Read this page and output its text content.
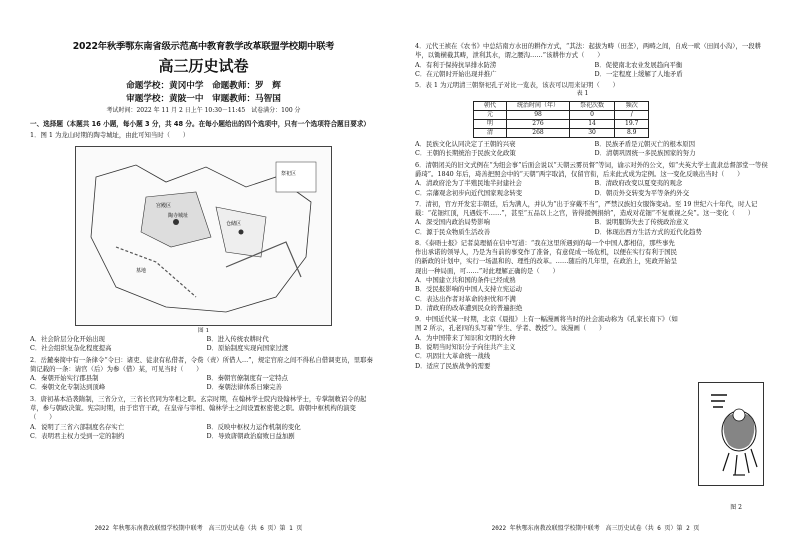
2022年秋季鄂东南省级示范高中教育教学改革联盟学校期中联考
高三历史试卷
命题学校：黄冈中学　命题教师：罗　辉
审题学校：黄陂一中　审题教师：马智国
考试时间：2022 年 11 月 2 日上午 10:30－11:45　试卷满分：100 分
一、选择题（本题共 16 小题，每小题 3 分，共 48 分。在每小题给出的四个选项中，只有一个选项符合题目要求）
1．图 1 为龙山时期的陶寺城址，由此可知当时（　　）
陶寺城址
宫殿区
仓储区
墓地
祭祀区
图 1
A．社会阶层分化开始出现	B．进入传统农耕时代
C．社会组织复杂化程度提高	D．原始制度实现向国家过渡
2．岳麓秦简中有一条律令“令曰：诸吏、徒隶有私借者，令赀（责）所借人…”，规定官府之间不得私自借调吏员，里耶秦简记载的一条：请官（后）为参（借）某，可见当时（　　）
A．秦朝开始实行郡县制	B．秦朝官僚制度有一定特点
C．秦朝文化专制达到顶峰	D．秦朝法律体系日臻完善
3．唐初基本沿袭隋制，三省分立，三省长官同为宰相之职。玄宗时期，在翰林学士院内设翰林学士，专掌制敕诏令的起草，参与朝政决策。宪宗时期，由于宦官干政，在皇帝与宰相、翰林学士之间设置枢密使之职。唐朝中枢机构的演变（　　）
A．说明了三省六部制度名存实亡	B．反映中枢权力运作机制的变化
C．表明君主权力受到一定的制约	D．导致唐朝政治腐败日益加剧
2022 年秋鄂东南教改联盟学校期中联考　高三历史试卷（共 6 页）第 1 页
4．元代王祯在《农书》中总结南方水田的耕作方式，“其法：起拔为畴（田垄），两畴之间，自成一畎（田间小沟），一段耕毕，以锄横截其畴，泄利其水，谓之腰沟……”该耕作方式（　　）
A．有利于保持抗旱排水防涝	B．促使南北农业发展趋向平衡
C．在元朝时开始出现并推广	D．一定程度上缓解了人地矛盾
5．表 1 为元明清三朝祭祀孔子对比一览表，该表可以用来证明（　　）
表 1
朝代	统治时间（年）	祭祀次数	频次
元	98	0	/
明	276	14	19.7
清	268	30	8.9
A．民族文化认同决定了王朝的兴衰	B．民族矛盾是元朝灭亡的根本原因
C．王朝的长期统治于民族文化政策	D．清朝巩固统一多民族国家的努力
6．清朝闭关的旧文式例在“为纽会事”后面会说以“天朝云雾员督”等词，谕示对外的公文，如“夫英大学士直隶总督部堂一等侯爵琦”。1840 年后，琦善把照会中的“天朝”两字取消，仅留官衔，后来此式成为定例。这一变化反映出当时（　　）
A．清政府沦为了半殖民地半封建社会	B．清政府改变以夏变夷的观念
C．宗藩观念初步向近代国家观念转变	D．朝贡外交转变为平等条约外交
7．清初，官方开发宏丰朝廷，后为满人，并认为“出于穿戴不当”，严禁汉族妇女服饰变动。至 19 世纪六十年代，时人记载：“花钿红顶，凡遇妓不……”，甚至“五品以上之官，皆得援例捐纳”，造成对花钿“不复重视之矣”。这一变化（　　）
A．深受国内政治局势影响	B．说明服饰失去了传统政治意义
C．源于民众物质生活改善	D．体现出西方生活方式的近代化趋势
8．《泰晤士报》记者莫理循在信中写道：“我在这里所遇到的每一个中国人都相信，那些事先作出承诺的领导人，乃是为当前的事变作了准备，有意促成一场危机，以便在实行有利于国民的新政的计划中，实行一场温和的、理性的改革。……随后的几年里，在政治上，宪政开始呈现出一种局面，可……”对此理解正确的是（　　）
A．中国建立共和国的条件已经成熟
B．受民报影响的中国人支持立宪运动
C．表达出作者对革命的担忧和不满
D．清政府的改革遭到民众的普遍拒绝
9．中国近代某一时期，北京《晨报》上有一幅漫画将当时的社会流动称为《孔家长南下》（如图 2 所示，孔老四的头写着“学生、学者、教授”）。该漫画（　　）
A．为中国带来了知识和文明的火种
B．说明当时知识分子向往共产主义
C．巩固壮大革命统一战线
D．适应了民族战争的需要
图 2
2022 年秋鄂东南教改联盟学校期中联考　高三历史试卷（共 6 页）第 2 页
